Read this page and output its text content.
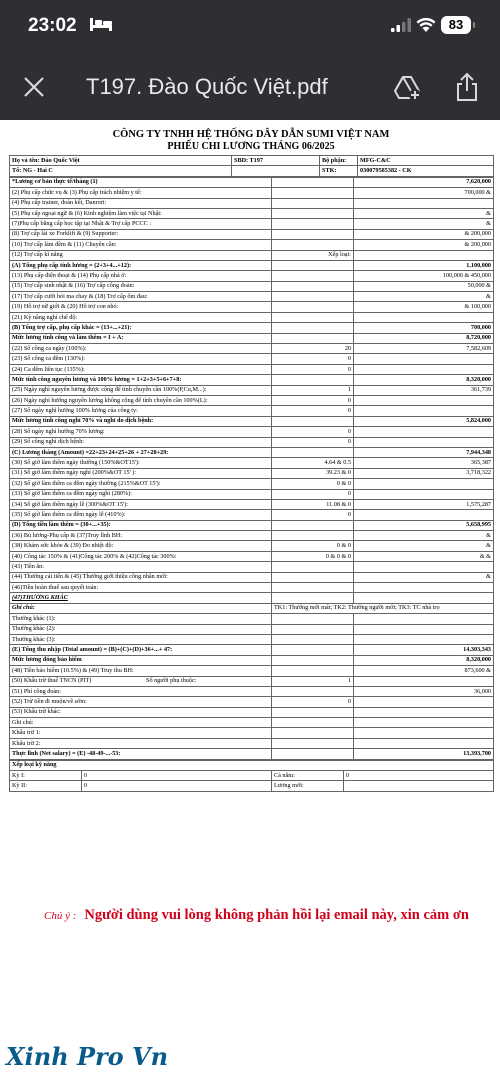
23:02	83
T197. Đào Quốc Việt.pdf
CÔNG TY TNHH HỆ THỐNG DÂY DẪN SUMI VIỆT NAM
PHIẾU CHI LƯƠNG THÁNG 06/2025
Họ và tên: Đào Quốc Việt	SBD: T197	Bộ phận:	MFG-C&C
Tổ: NG - Hai C		STK:	030079585382 - CK
*Lương cơ bản thực tế/tháng (1)		7,620,000
(2) Phụ cấp chức vụ & (3) Phụ cấp trách nhiệm y tế:		700,000 &
(4) Phụ cấp trainer, đoàn kết, Danrori:		
(5) Phụ cấp ngoại ngữ & (6) Kinh nghiệm làm việc tại Nhật:		&
(7)Phụ cấp bằng cấp học tập tại Nhật & Trợ cấp PCCC :		&
(8) Trợ cấp lái xe Forklift & (9) Supporter:		& 200,000
(10) Trợ cấp làm đêm & (11) Chuyên cần:		& 200,000
(12) Trợ cấp kĩ năng	Xếp loại:	
(A) Tổng phụ cấp tính lương = (2+3+4...+12):		1,100,000
(13) Phụ cấp điện thoại & (14) Phụ cấp nhà ở:		100,000 & 450,000
(15) Trợ cấp sinh nhật & (16) Trợ cấp công đoàn:		50,000 &
(17) Trợ cấp cưới hỏi ma chay & (18) Trợ cấp ốm đau:		&
(19) Hỗ trợ nữ giới & (20) Hỗ trợ con nhỏ:		& 100,000
(21) Kỳ nâng nghỉ chế độ:		
(B) Tổng trợ cấp, phụ cấp khác = (13+...+21):		700,000
Mức lương tính công và làm thêm = I + A:		8,720,000
(22) Số công ca ngày (100%):	20	7,582,609
(23) Số công ca đêm (130%):	0	
(24) Ca đêm liên tục (135%):	0	
Mức tính công nguyên lương và 100% lương = 1+2+3+5+6+7+8:		8,320,000
(25) Ngày nghỉ nguyên lương được cộng để tính chuyên cần 100%(P,Cu,M...):	1	361,739
(26) Ngày nghỉ hưởng nguyên lương không cộng để tính chuyên cần 100%(L):	0	
(27) Số ngày nghỉ hưởng 100% lương của công ty:	0	
Mức lương tính công nghỉ 70% và nghỉ do dịch bệnh:		5,824,000
(28) Số ngày nghỉ hưởng 70% lương:	0	
(29) Số công nghỉ dịch bệnh:	0	
(C) Lương tháng (Amount) =22+23+24+25+26 + 27+28+29:		7,944,348
(30) Số giờ làm thêm ngày thường (150%&OT15'):	4.64 & 0.5	365,387
(31) Số giờ làm thêm ngày nghỉ (200%&OT 15' ):	39.23 & 0	3,718,322
(32) Số giờ làm thêm ca đêm ngày thường (215%&OT 15'):	0 & 0	
(33) Số giờ làm thêm ca đêm ngày nghỉ (280%):	0	
(34) Số giờ làm thêm ngày lễ (300%&OT 15'):	11.08 & 0	1,575,287
(35) Số giờ làm thêm ca đêm ngày lễ (410%):	0	
(D) Tổng tiền làm thêm = (30+...+35):		5,658,995
(36) Bù lương-Phụ cấp & (37)Truy lĩnh BH:		&
(38) Khám sức khỏe & (39) Đo nhiệt độ:	0 & 0	&
(40) Công tác 150% & (41)Công tác 200% & (42)Công tác 300%:	0 & 0 & 0	& &
(43) Tiền ăn:		
(44) Thưởng cải tiến & (45) Thưởng giới thiệu công nhân mới:		&
(46)Tiền hoàn thuế sau quyết toán:		
(47)THƯỞNG KHÁC		
Ghi chú:	TK1: Thưởng mới mát; TK2: Thưởng người mới; TK3: TC nhà trọ	
Thưởng khác (1):		
Thưởng khác (2):		
Thưởng khác (3):		
(E) Tổng thu nhập (Total amount) = (B)+(C)+(D)+36+...+ 47:		14,303,343
Mức lương đóng bảo hiểm		8,320,000
(48) Tiền bảo hiểm (10.5%) & (49) Truy thu BH:		873,600 &
(50) Khấu trừ thuế TNCN (PIT) Số người phụ thuộc:	1	
(51) Phí công đoàn:		36,000
(52) Trừ tiền đi muộn/về sớm:	0	
(53) Khấu trừ khác:		
Ghi chú:		
Khấu trừ 1:		
Khấu trừ 2:		
Thực lĩnh (Net salary) = (E) -48-49-...-53:		13,393,700
Xếp loại kỹ năng			
Kỳ I:	0	Cả năm:	0
Kỳ II:	0	Lương mới:	
Chú ý : Người dùng vui lòng không phản hồi lại email này, xin cảm ơn
Xinh Pro Vn
